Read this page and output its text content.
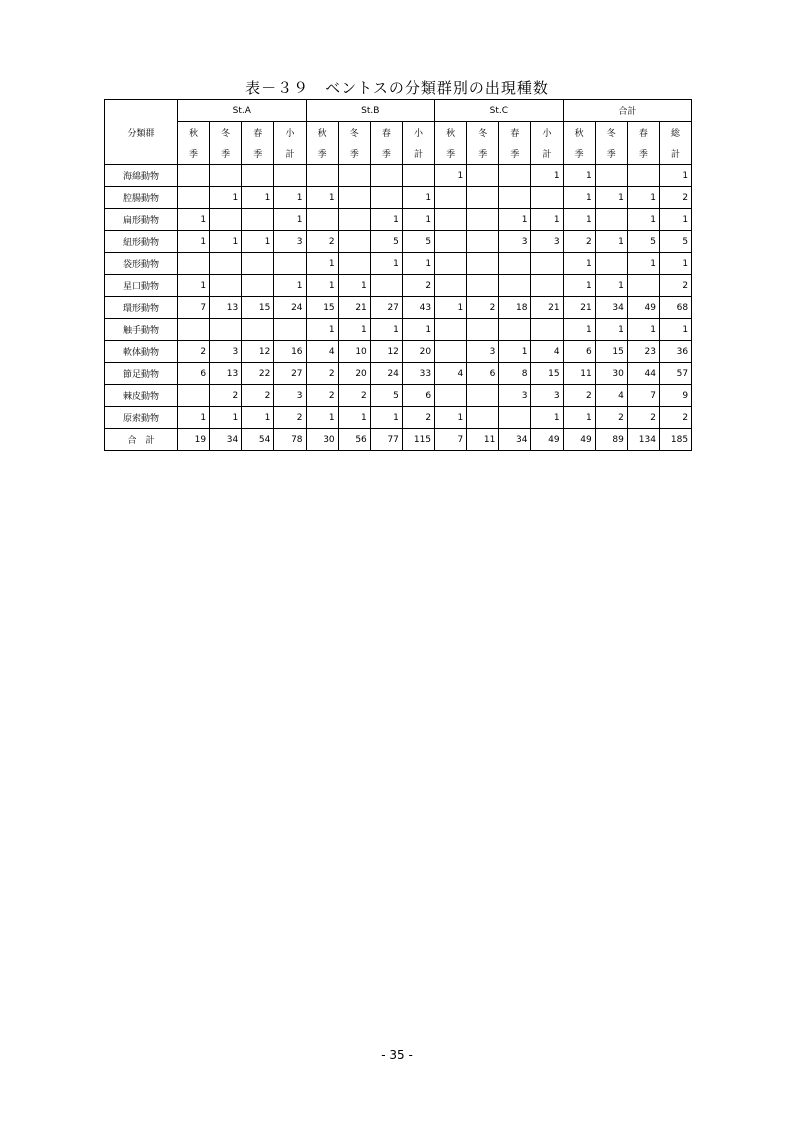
表－３９　ベントスの分類群別の出現種数
分類群	St.A				St.B				St.C				合計			
	秋	冬	春	小	秋	冬	春	小	秋	冬	春	小	秋	冬	春	総
	季	季	季	計	季	季	季	計	季	季	季	計	季	季	季	計
海綿動物									1			1	1			1
腔腸動物		1	1	1	1			1					1	1	1	2
扁形動物	1			1			1	1			1	1	1		1	1
紐形動物	1	1	1	3	2		5	5			3	3	2	1	5	5
袋形動物					1		1	1					1		1	1
星口動物	1			1	1	1		2					1	1		2
環形動物	7	13	15	24	15	21	27	43	1	2	18	21	21	34	49	68
触手動物					1	1	1	1					1	1	1	1
軟体動物	2	3	12	16	4	10	12	20		3	1	4	6	15	23	36
節足動物	6	13	22	27	2	20	24	33	4	6	8	15	11	30	44	57
棘皮動物		2	2	3	2	2	5	6			3	3	2	4	7	9
原索動物	1	1	1	2	1	1	1	2	1			1	1	2	2	2
合　計	19	34	54	78	30	56	77	115	7	11	34	49	49	89	134	185
- 35 -
